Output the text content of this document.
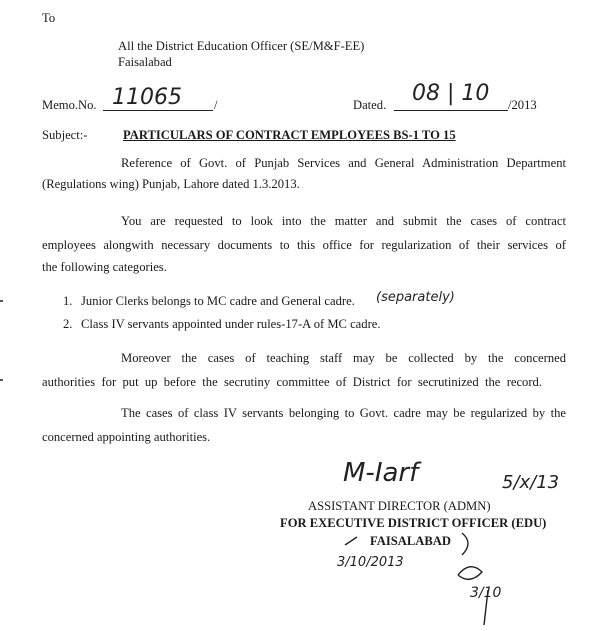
To
All the District Education Officer (SE/M&F-EE)
Faisalabad
Memo.No. 11065	/	Dated. 08 | 10 /2013
Subject:-	PARTICULARS OF CONTRACT EMPLOYEES BS-1 TO 15
Reference of Govt. of Punjab Services and General Administration Department
(Regulations wing) Punjab, Lahore dated 1.3.2013.
You are requested to look into the matter and submit the cases of contract
employees alongwith necessary documents to this office for regularization of their services of
the following categories.
1. Junior Clerks belongs to MC cadre and General cadre. (separately)
2. Class IV servants appointed under rules-17-A of MC cadre.
Moreover the cases of teaching staff may be collected by the concerned
authorities for put up before the secrutiny committee of District for secrutinized the record.
The cases of class IV servants belonging to Govt. cadre may be regularized by the
concerned appointing authorities.
M-Iarf	5/x/13
ASSISTANT DIRECTOR (ADMN)
FOR EXECUTIVE DISTRICT OFFICER (EDU)
FAISALABAD
3/10/2013
3/10
